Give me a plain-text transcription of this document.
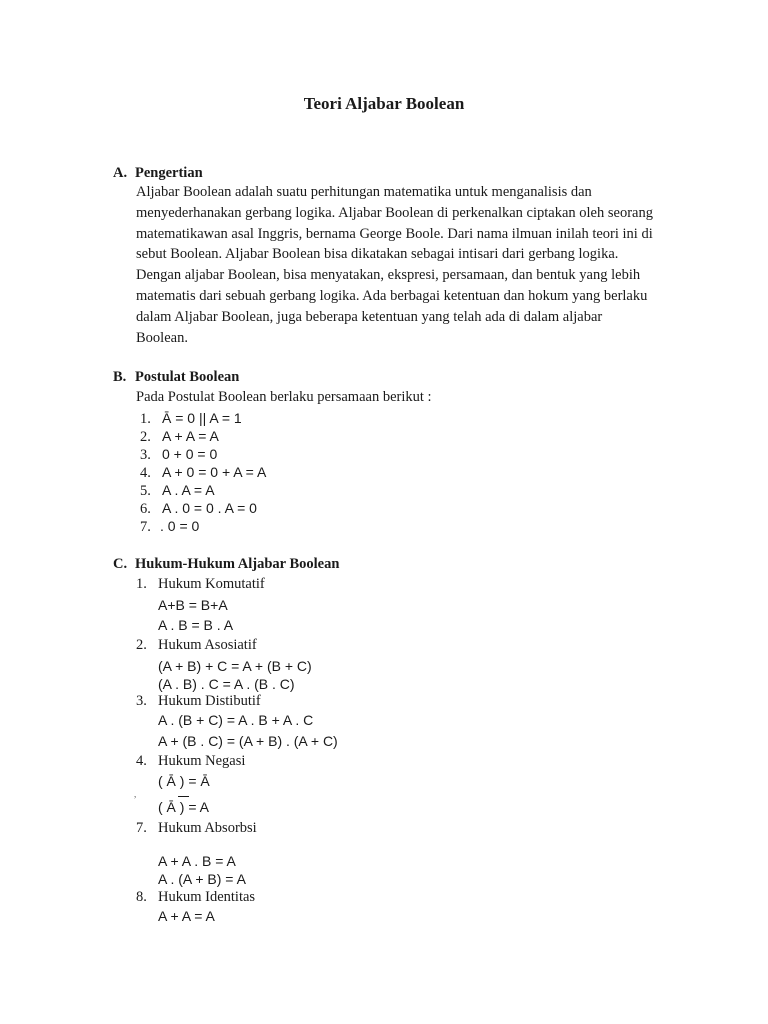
Teori Aljabar Boolean
A. Pengertian
Aljabar Boolean adalah suatu perhitungan matematika untuk menganalisis dan
menyederhanakan gerbang logika. Aljabar Boolean di perkenalkan ciptakan oleh seorang
matematikawan asal Inggris, bernama George Boole. Dari nama ilmuan inilah teori ini di
sebut Boolean. Aljabar Boolean bisa dikatakan sebagai intisari dari gerbang logika.
Dengan aljabar Boolean, bisa menyatakan, ekspresi, persamaan, dan bentuk yang lebih
matematis dari sebuah gerbang logika. Ada berbagai ketentuan dan hokum yang berlaku
dalam Aljabar Boolean, juga beberapa ketentuan yang telah ada di dalam aljabar
Boolean.
B. Postulat Boolean
Pada Postulat Boolean berlaku persamaan berikut :
1. Ā = 0 || A = 1
2. A + A = A
3. 0 + 0 = 0
4. A + 0 = 0 + A = A
5. A . A = A
6. A . 0 = 0 . A = 0
7. . 0 = 0
C. Hukum-Hukum Aljabar Boolean
1. Hukum Komutatif
A+B = B+A
A . B = B . A
2. Hukum Asosiatif
(A + B) + C = A + (B + C)
(A . B) . C = A . (B . C)
3. Hukum Distibutif
A . (B + C) = A . B + A . C
A + (B . C) = (A + B) . (A + C)
4. Hukum Negasi
( Ā ) = Ā
,
( Ā ) = A
7. Hukum Absorbsi
A + A . B = A
A . (A + B) = A
8. Hukum Identitas
A + A = A
